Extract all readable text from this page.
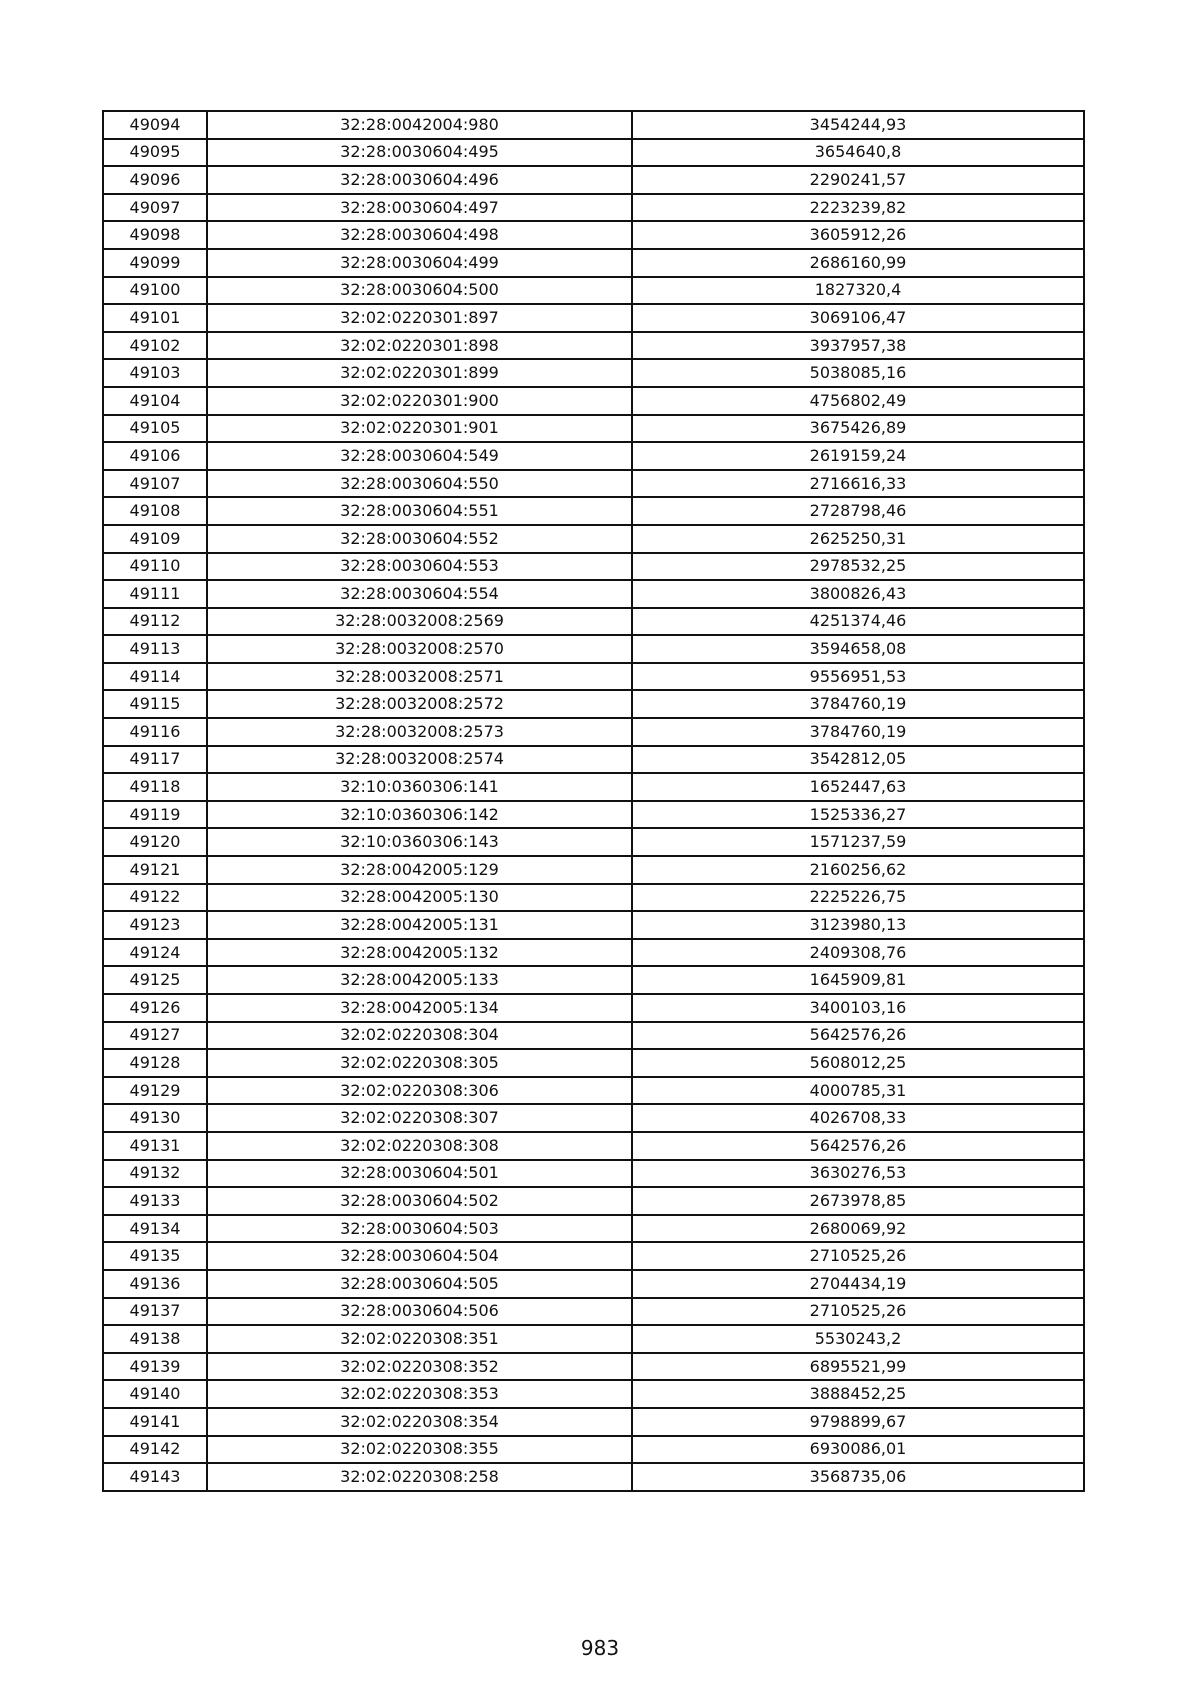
49094	32:28:0042004:980	3454244,93
49095	32:28:0030604:495	3654640,8
49096	32:28:0030604:496	2290241,57
49097	32:28:0030604:497	2223239,82
49098	32:28:0030604:498	3605912,26
49099	32:28:0030604:499	2686160,99
49100	32:28:0030604:500	1827320,4
49101	32:02:0220301:897	3069106,47
49102	32:02:0220301:898	3937957,38
49103	32:02:0220301:899	5038085,16
49104	32:02:0220301:900	4756802,49
49105	32:02:0220301:901	3675426,89
49106	32:28:0030604:549	2619159,24
49107	32:28:0030604:550	2716616,33
49108	32:28:0030604:551	2728798,46
49109	32:28:0030604:552	2625250,31
49110	32:28:0030604:553	2978532,25
49111	32:28:0030604:554	3800826,43
49112	32:28:0032008:2569	4251374,46
49113	32:28:0032008:2570	3594658,08
49114	32:28:0032008:2571	9556951,53
49115	32:28:0032008:2572	3784760,19
49116	32:28:0032008:2573	3784760,19
49117	32:28:0032008:2574	3542812,05
49118	32:10:0360306:141	1652447,63
49119	32:10:0360306:142	1525336,27
49120	32:10:0360306:143	1571237,59
49121	32:28:0042005:129	2160256,62
49122	32:28:0042005:130	2225226,75
49123	32:28:0042005:131	3123980,13
49124	32:28:0042005:132	2409308,76
49125	32:28:0042005:133	1645909,81
49126	32:28:0042005:134	3400103,16
49127	32:02:0220308:304	5642576,26
49128	32:02:0220308:305	5608012,25
49129	32:02:0220308:306	4000785,31
49130	32:02:0220308:307	4026708,33
49131	32:02:0220308:308	5642576,26
49132	32:28:0030604:501	3630276,53
49133	32:28:0030604:502	2673978,85
49134	32:28:0030604:503	2680069,92
49135	32:28:0030604:504	2710525,26
49136	32:28:0030604:505	2704434,19
49137	32:28:0030604:506	2710525,26
49138	32:02:0220308:351	5530243,2
49139	32:02:0220308:352	6895521,99
49140	32:02:0220308:353	3888452,25
49141	32:02:0220308:354	9798899,67
49142	32:02:0220308:355	6930086,01
49143	32:02:0220308:258	3568735,06
983
